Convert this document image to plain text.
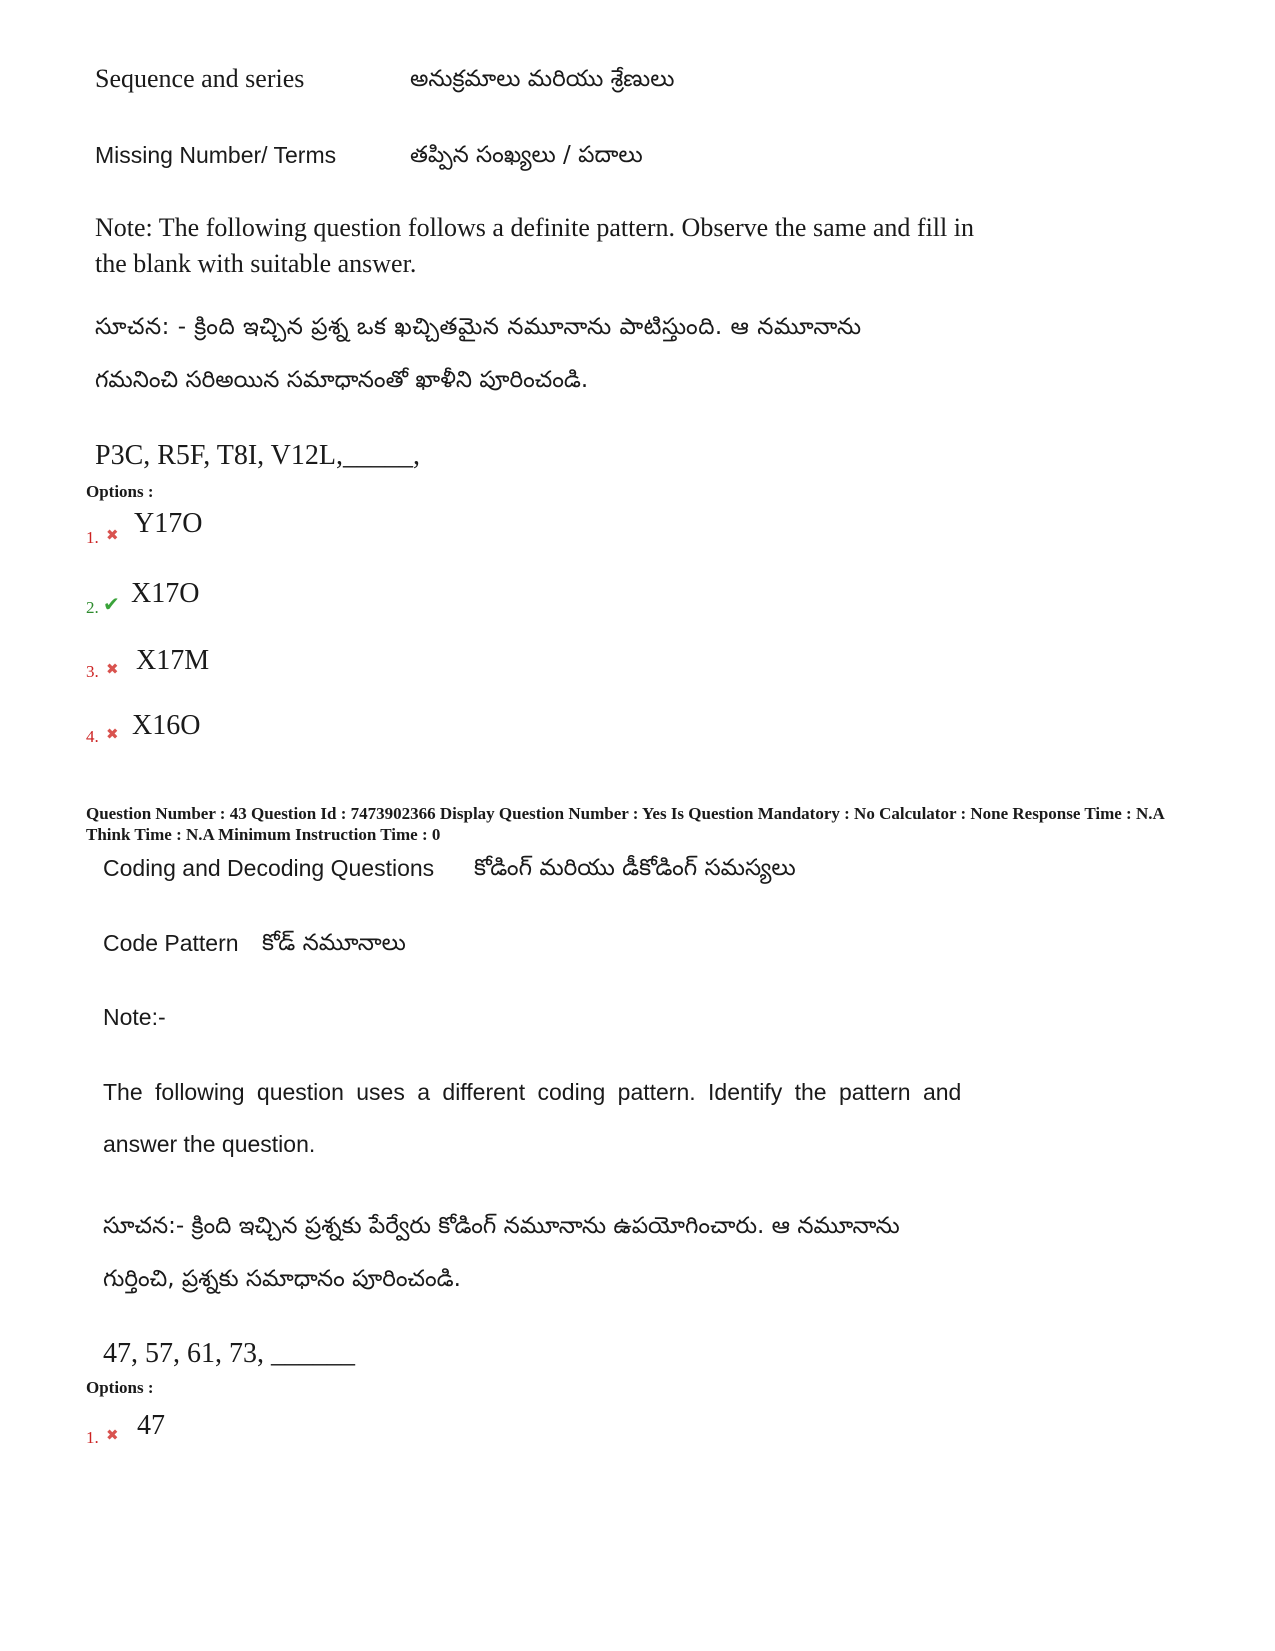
Sequence and series	అనుక్రమాలు మరియు శ్రేణులు
Missing Number/ Terms	తప్పిన సంఖ్యలు / పదాలు
Note: The following question follows a definite pattern. Observe the same and fill in
the blank with suitable answer.
సూచన: - క్రింది ఇచ్చిన ప్రశ్న ఒక ఖచ్చితమైన నమూనాను పాటిస్తుంది. ఆ నమూనాను
గమనించి సరిఅయిన సమాధానంతో ఖాళీని పూరించండి.
P3C, R5F, T8I, V12L,_____,
Options :
1. ✖ Y17O
2. ✔ X17O
3. ✖ X17M
4. ✖ X16O
Question Number : 43 Question Id : 7473902366 Display Question Number : Yes Is Question Mandatory : No Calculator : None Response Time : N.A Think Time : N.A Minimum Instruction Time : 0
Coding and Decoding Questions కోడింగ్ మరియు డీకోడింగ్ సమస్యలు
Code Pattern కోడ్ నమూనాలు
Note:-
The following question uses a different coding pattern. Identify the pattern and
answer the question.
సూచన:- క్రింది ఇచ్చిన ప్రశ్నకు పేర్వేరు కోడింగ్ నమూనాను ఉపయోగించారు. ఆ నమూనాను
గుర్తించి, ప్రశ్నకు సమాధానం పూరించండి.
47, 57, 61, 73, ______
Options :
1. ✖ 47
